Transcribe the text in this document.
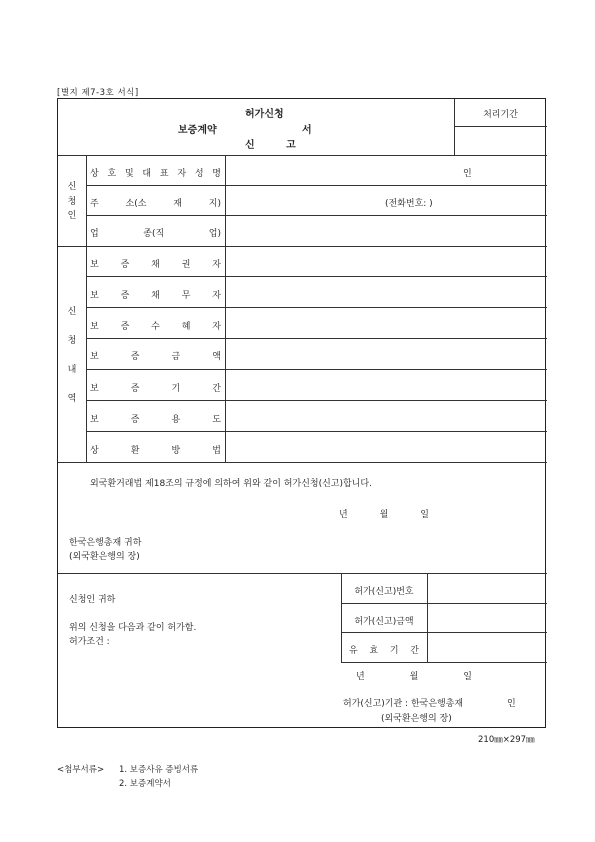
[별지 제7-3호 서식]
허가신청
보증계약	서
신 고
처리기간
신
청
인
상 호 및 대 표 자 성 명	인
주	소(소	재	지)	(전화번호: )
업	종(직	업)
신
청
내
역
보 증 채 권 자
보 증 채 무 자
보 증 수 혜 자
보	증	금	액
보	증	기	간
보	증	용	도
상	환	방	법
외국환거래법 제18조의 규정에 의하여 위와 같이 허가신청(신고)합니다.
년	월	일
한국은행총재 귀하
(외국환은행의 장)
신청인 귀하
위의 신청을 다음과 같이 허가함.
허가조건 :
허가(신고)번호
허가(신고)금액
유 효 기 간
년	월	일
허가(신고)기관 : 한국은행총재	인
(외국환은행의 장)
210㎜×297㎜
<첨부서류> 1. 보증사유 증빙서류
2. 보증계약서
